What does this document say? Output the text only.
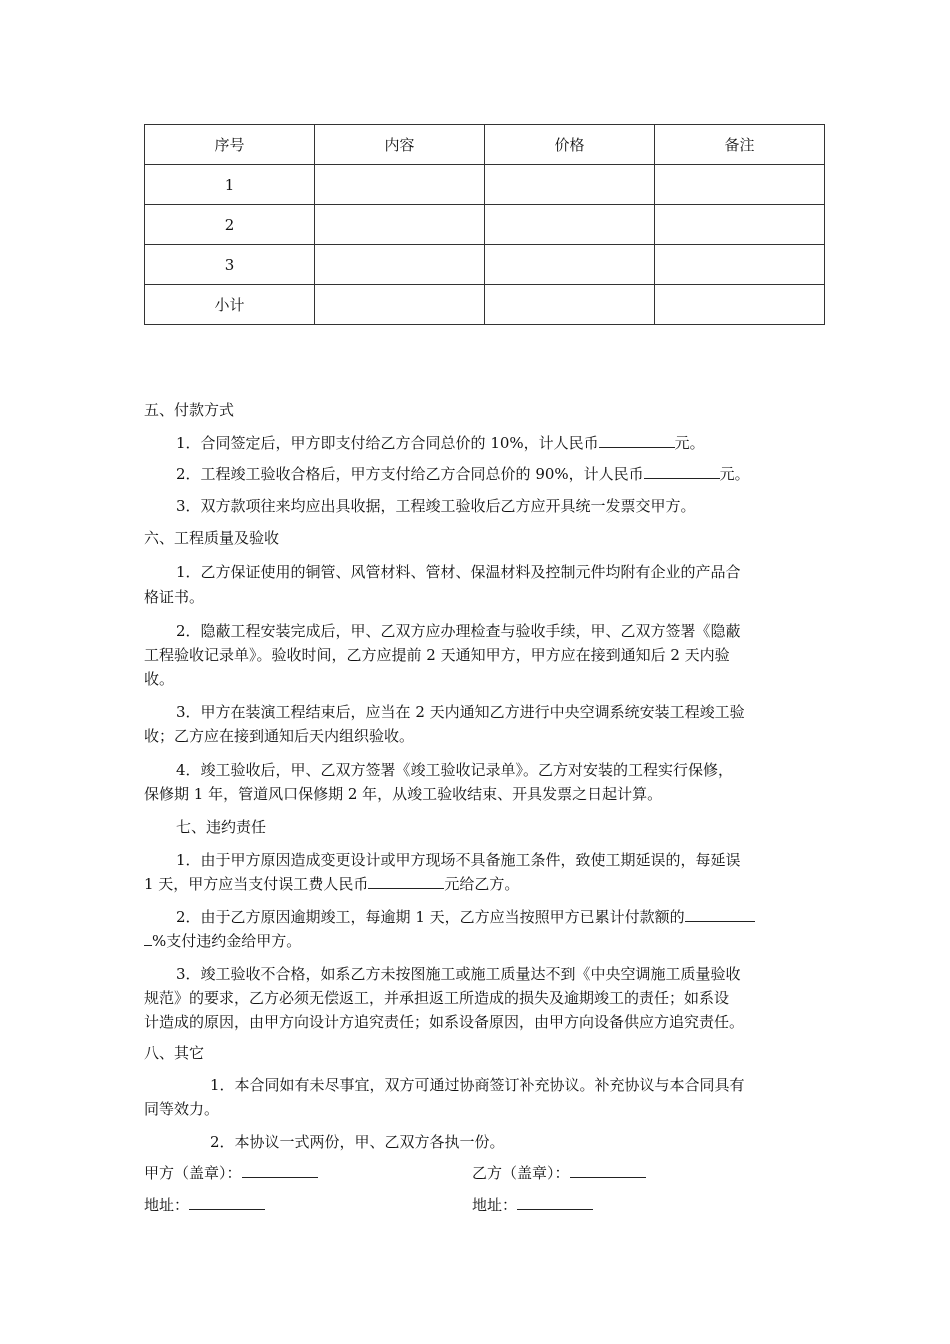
序号	内容	价格	备注
1			
2			
3			
小计			
五、付款方式
1．合同签定后，甲方即支付给乙方合同总价的 10%，计人民币	元。
2．工程竣工验收合格后，甲方支付给乙方合同总价的 90%，计人民币	元。
3．双方款项往来均应出具收据，工程竣工验收后乙方应开具统一发票交甲方。
六、工程质量及验收
1．乙方保证使用的铜管、风管材料、管材、保温材料及控制元件均附有企业的产品合
格证书。
2．隐蔽工程安装完成后，甲、乙双方应办理检查与验收手续，甲、乙双方签署《隐蔽
工程验收记录单》。验收时间，乙方应提前 2 天通知甲方，甲方应在接到通知后 2 天内验
收。
3．甲方在装演工程结束后，应当在 2 天内通知乙方进行中央空调系统安装工程竣工验
收；乙方应在接到通知后天内组织验收。
4．竣工验收后，甲、乙双方签署《竣工验收记录单》。乙方对安装的工程实行保修，
保修期 1 年，管道风口保修期 2 年，从竣工验收结束、开具发票之日起计算。
七、违约责任
1．由于甲方原因造成变更设计或甲方现场不具备施工条件，致使工期延误的，每延误
1 天，甲方应当支付误工费人民币	元给乙方。
2．由于乙方原因逾期竣工，每逾期 1 天，乙方应当按照甲方已累计付款额的
%支付违约金给甲方。
3．竣工验收不合格，如系乙方未按图施工或施工质量达不到《中央空调施工质量验收
规范》的要求，乙方必须无偿返工，并承担返工所造成的损失及逾期竣工的责任；如系设
计造成的原因，由甲方向设计方追究责任；如系设备原因，由甲方向设备供应方追究责任。
八、其它
1．本合同如有未尽事宜，双方可通过协商签订补充协议。补充协议与本合同具有
同等效力。
2．本协议一式两份，甲、乙双方各执一份。
甲方（盖章）：	乙方（盖章）：
地址：	地址：
